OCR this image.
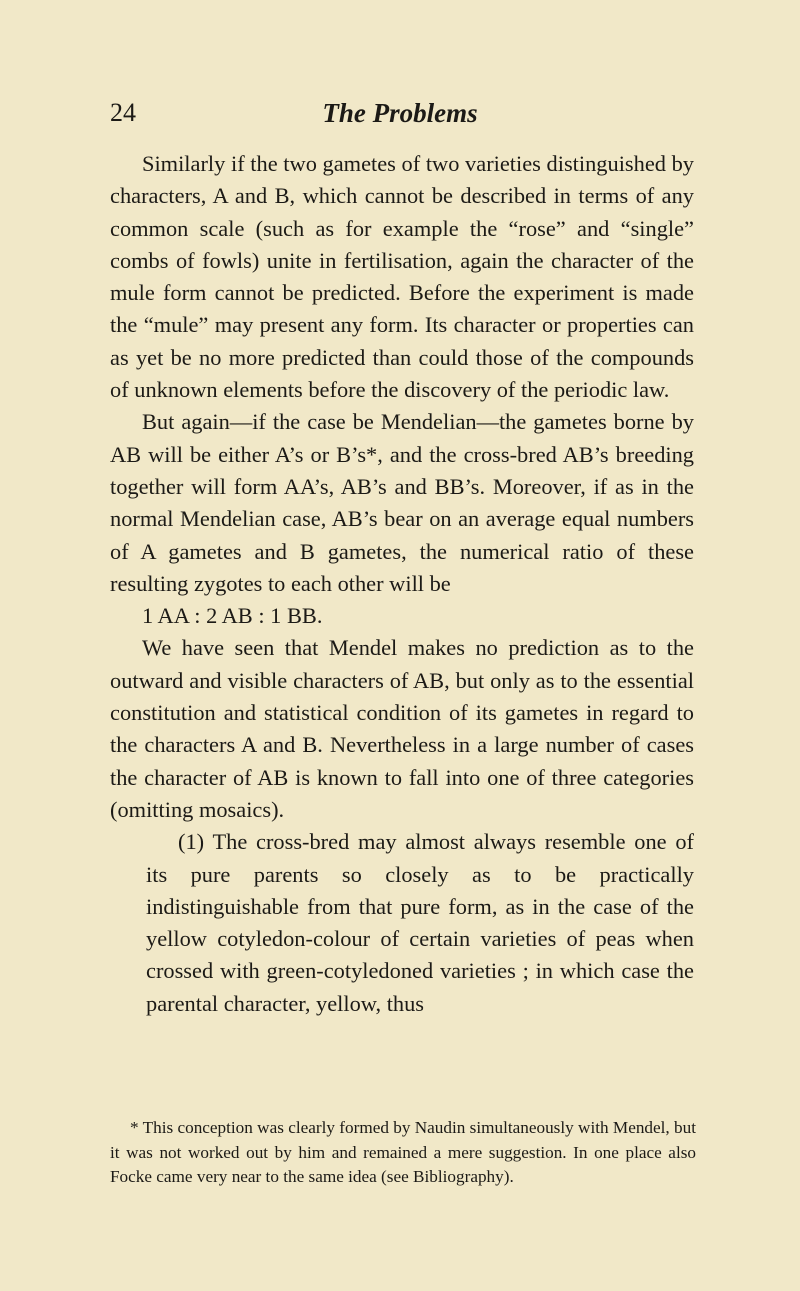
24	The Problems

Similarly if the two gametes of two varieties distinguished by characters, A and B, which cannot be described in terms of any common scale (such as for example the “rose” and “single” combs of fowls) unite in fertilisation, again the character of the mule form cannot be predicted. Before the experiment is made the “mule” may present any form. Its character or properties can as yet be no more predicted than could those of the compounds of unknown elements before the discovery of the periodic law.

But again—if the case be Mendelian—the gametes borne by AB will be either A’s or B’s*, and the cross-bred AB’s breeding together will form AA’s, AB’s and BB’s. Moreover, if as in the normal Mendelian case, AB’s bear on an average equal numbers of A gametes and B gametes, the numerical ratio of these resulting zygotes to each other will be

1 AA : 2 AB : 1 BB.

We have seen that Mendel makes no prediction as to the outward and visible characters of AB, but only as to the essential constitution and statistical condition of its gametes in regard to the characters A and B. Nevertheless in a large number of cases the character of AB is known to fall into one of three categories (omitting mosaics).

(1) The cross-bred may almost always resemble one of its pure parents so closely as to be practically indistinguishable from that pure form, as in the case of the yellow cotyledon-colour of certain varieties of peas when crossed with green-cotyledoned varieties ; in which case the parental character, yellow, thus

* This conception was clearly formed by Naudin simultaneously with Mendel, but it was not worked out by him and remained a mere suggestion. In one place also Focke came very near to the same idea (see Bibliography).
